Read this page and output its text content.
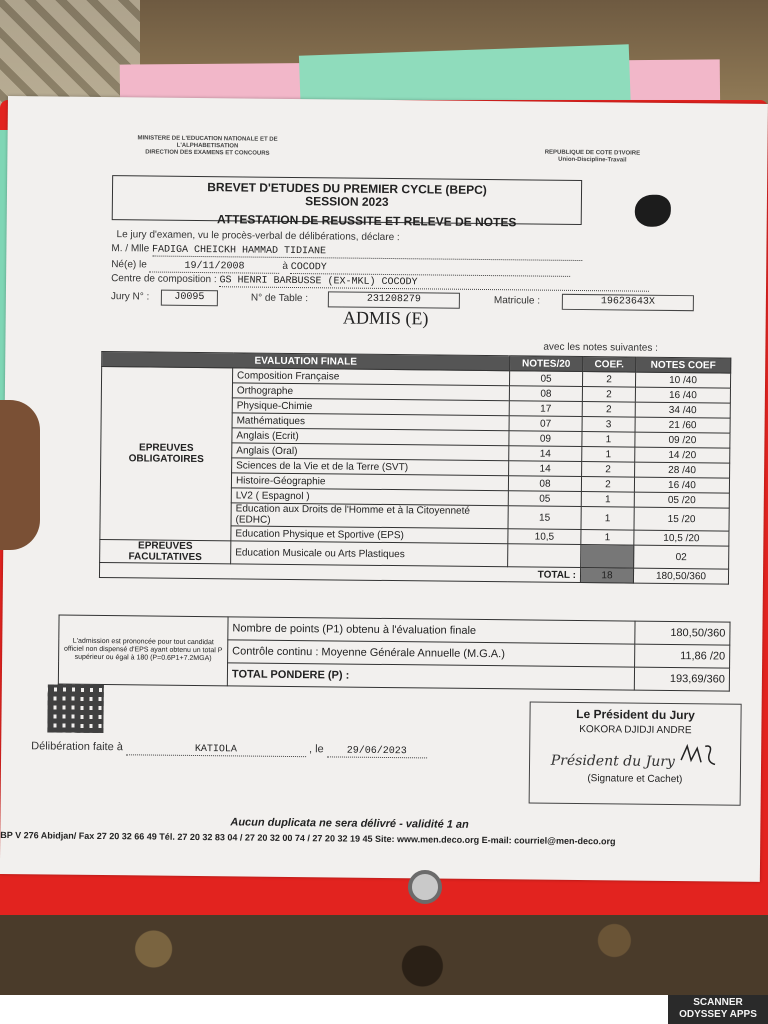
MINISTERE DE L'EDUCATION NATIONALE ET DE L'ALPHABETISATION
DIRECTION DES EXAMENS ET CONCOURS	REPUBLIQUE DE COTE D'IVOIRE
Union-Discipline-Travail
BREVET D'ETUDES DU PREMIER CYCLE (BEPC)
SESSION 2023
ATTESTATION DE REUSSITE ET RELEVE DE NOTES
Le jury d'examen, vu le procès-verbal de délibérations, déclare :
M. / Mlle FADIGA CHEICKH HAMMAD TIDIANE
Né(e) le	19/11/2008	à COCODY
Centre de composition : GS HENRI BARBUSSE (EX-MKL) COCODY
Jury N° :	J0095	N° de Table :	231208279	Matricule :	19623643X
ADMIS (E)
avec les notes suivantes :
EVALUATION FINALE		NOTES/20	COEF.	NOTES COEF
EPREUVES OBLIGATOIRES	Composition Française	05	2	10 /40
	Orthographe	08	2	16 /40
	Physique-Chimie	17	2	34 /40
	Mathématiques	07	3	21 /60
	Anglais (Ecrit)	09	1	09 /20
	Anglais (Oral)	14	1	14 /20
	Sciences de la Vie et de la Terre (SVT)	14	2	28 /40
	Histoire-Géographie	08	2	16 /40
	LV2 ( Espagnol )	05	1	05 /20
	Education aux Droits de l'Homme et à la Citoyenneté (EDHC)	15	1	15 /20
	Education Physique et Sportive (EPS)	10,5	1	10,5 /20
EPREUVES FACULTATIVES	Education Musicale ou Arts Plastiques			02
TOTAL :			18	180,50/360
L'admission est prononcée pour tout candidat officiel non dispensé d'EPS ayant obtenu un total P supérieur ou égal à 180 (P=0.6P1+7.2MGA)	Nombre de points (P1) obtenu à l'évaluation finale	180,50/360
	Contrôle continu : Moyenne Générale Annuelle (M.G.A.)	11,86 /20
	TOTAL PONDERE (P) :	193,69/360
Délibération faite à	KATIOLA	, le 29/06/2023
Le Président du Jury
KOKORA DJIDJI ANDRE
Président du Jury
(Signature et Cachet)
Aucun duplicata ne sera délivré - validité 1 an
BP V 276 Abidjan/ Fax 27 20 32 66 49 Tél. 27 20 32 83 04 / 27 20 32 00 74 / 27 20 32 19 45 Site: www.men.deco.org E-mail: courriel@men-deco.org
SCANNER
ODYSSEY APPS
